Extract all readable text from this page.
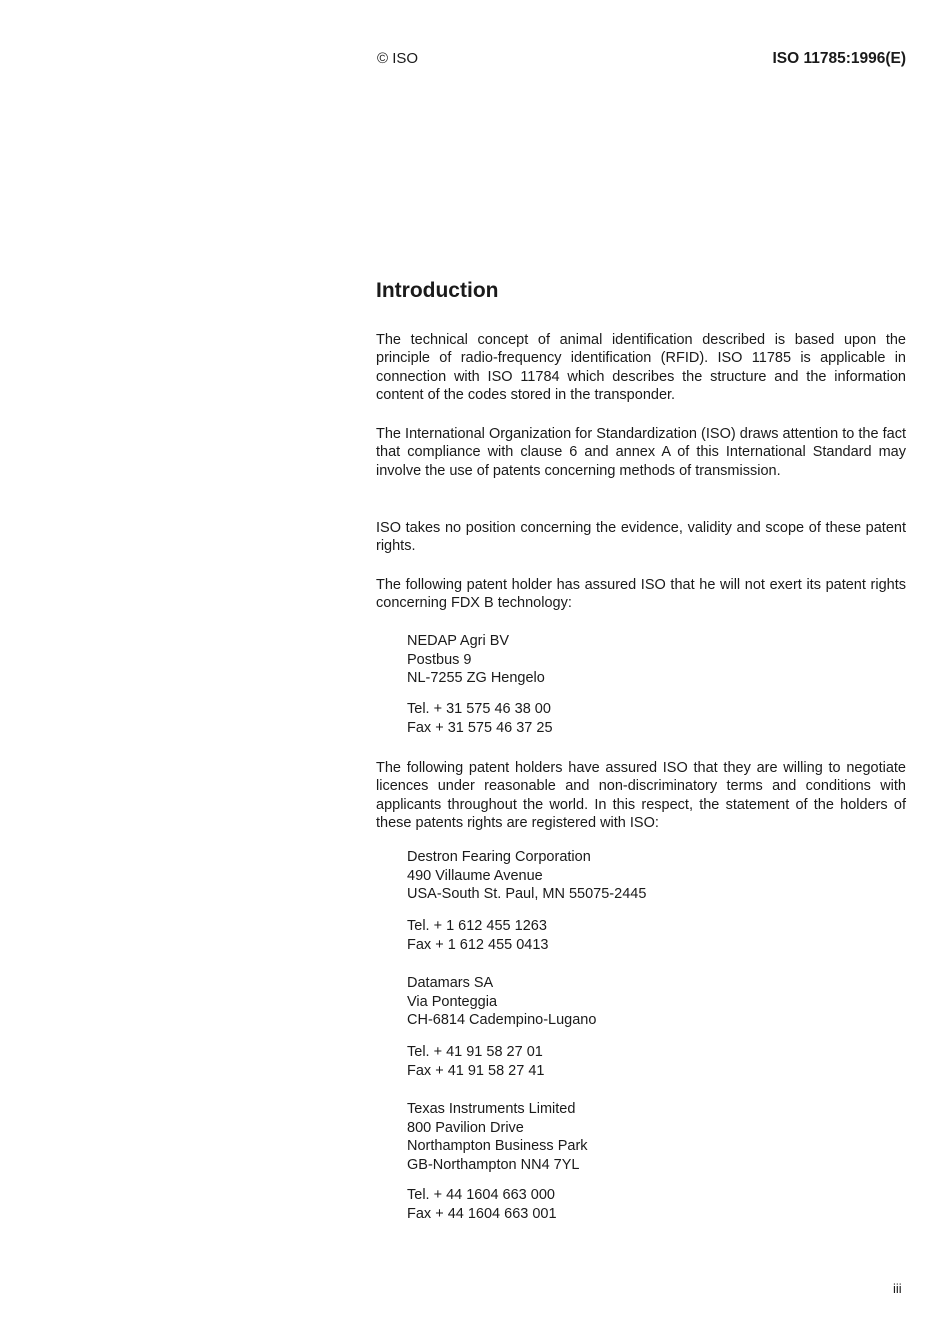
© ISO	ISO 11785:1996(E)
Introduction

The technical concept of animal identification described is based upon the principle of radio-frequency identification (RFID). ISO 11785 is applicable in connection with ISO 11784 which describes the structure and the information content of the codes stored in the transponder.

The International Organization for Standardization (ISO) draws attention to the fact that compliance with clause 6 and annex A of this International Standard may involve the use of patents concerning methods of transmission.

ISO takes no position concerning the evidence, validity and scope of these patent rights.

The following patent holder has assured ISO that he will not exert its patent rights concerning FDX B technology:

NEDAP Agri BV
Postbus 9
NL-7255 ZG Hengelo
Tel. + 31 575 46 38 00
Fax + 31 575 46 37 25

The following patent holders have assured ISO that they are willing to negotiate licences under reasonable and non-discriminatory terms and conditions with applicants throughout the world. In this respect, the statement of the holders of these patents rights are registered with ISO:

Destron Fearing Corporation
490 Villaume Avenue
USA-South St. Paul, MN 55075-2445
Tel. + 1 612 455 1263
Fax + 1 612 455 0413
Datamars SA
Via Ponteggia
CH-6814 Cadempino-Lugano
Tel. + 41 91 58 27 01
Fax + 41 91 58 27 41
Texas Instruments Limited
800 Pavilion Drive
Northampton Business Park
GB-Northampton NN4 7YL
Tel. + 44 1604 663 000
Fax + 44 1604 663 001
iii
